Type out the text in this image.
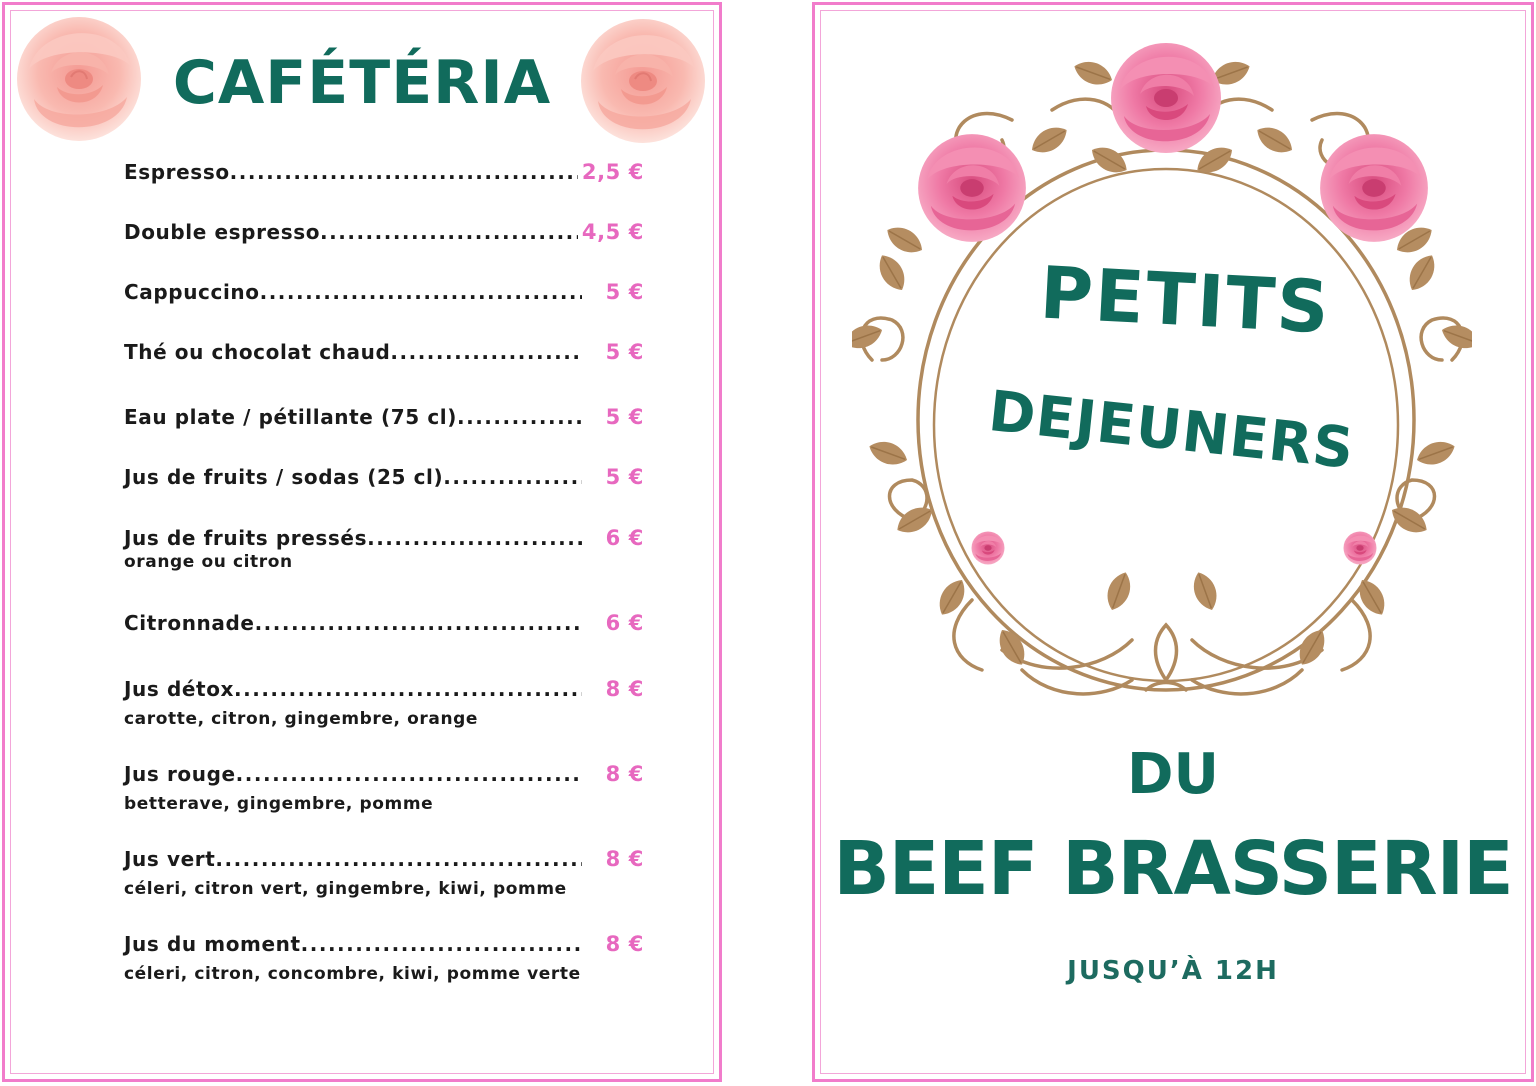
CAFÉTÉRIA
Espresso .....	2,5 €
Double espresso .....	4,5 €
Cappuccino .....	5 €
Thé ou chocolat chaud .....	5 €
Eau plate / pétillante (75 cl) .....	5 €
Jus de fruits / sodas (25 cl) .....	5 €
Jus de fruits pressés .....	6 €
orange ou citron
Citronnade .....	6 €
Jus détox .....	8 €
carotte, citron, gingembre, orange
Jus rouge .....	8 €
betterave, gingembre, pomme
Jus vert .....	8 €
céleri, citron vert, gingembre, kiwi, pomme
Jus du moment .....	8 €
céleri, citron, concombre, kiwi, pomme verte
PETITS
DEJEUNERS
DU
BEEF BRASSERIE
JUSQU’À 12H
